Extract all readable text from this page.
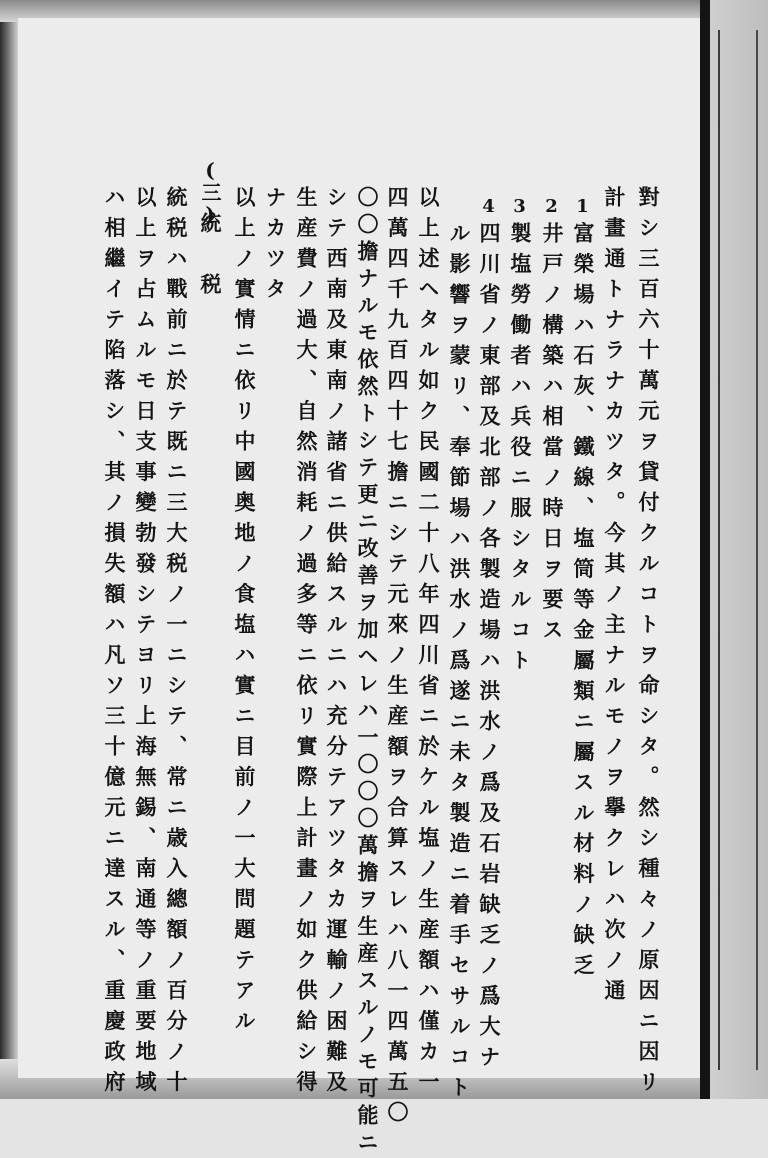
對シ三百六十萬元ヲ貸付クルコトヲ命シタ。然シ種々ノ原因ニ因リ
計畫通トナラナカツタ。今其ノ主ナルモノヲ擧クレハ次ノ通
1
富榮場ハ石灰、鐵線、塩筒等金屬類ニ屬スル材料ノ缺乏
2
井戸ノ構築ハ相當ノ時日ヲ要ス
3
製塩勞働者ハ兵役ニ服シタルコト
4
四川省ノ東部及北部ノ各製造場ハ洪水ノ爲及石岩缺乏ノ爲大ナ
ル影響ヲ蒙リ、奉節場ハ洪水ノ爲遂ニ未タ製造ニ着手セサルコト
以上述ヘタル如ク民國二十八年四川省ニ於ケル塩ノ生産額ハ僅カ一
四萬四千九百四十七擔ニシテ元來ノ生産額ヲ合算スレハ八一四萬五〇
〇〇擔ナルモ依然トシテ更ニ改善ヲ加ヘレハ一〇〇〇萬擔ヲ生産スルノモ可能ニ
シテ西南及東南ノ諸省ニ供給スルニハ充分テアツタカ運輸ノ困難及
生産費ノ過大、自然消耗ノ過多等ニ依リ實際上計畫ノ如ク供給シ得
ナカツタ
以上ノ實情ニ依リ中國奥地ノ食塩ハ實ニ目前ノ一大問題テアル
(三)
統　税
統税ハ戰前ニ於テ既ニ三大税ノ一ニシテ、常ニ歳入總額ノ百分ノ十
以上ヲ占ムルモ日支事變勃發シテヨリ上海無錫、南通等ノ重要地域
ハ相繼イテ陷落シ、其ノ損失額ハ凡ソ三十億元ニ達スル、重慶政府
